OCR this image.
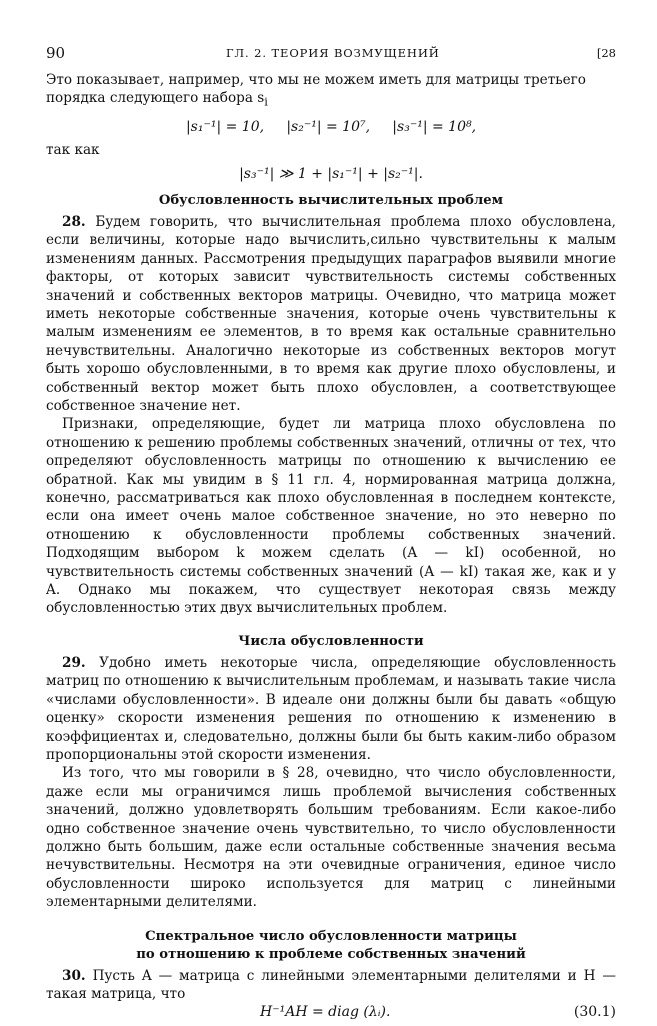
90	ГЛ. 2. ТЕОРИЯ ВОЗМУЩЕНИЙ	[28

Это показывает, например, что мы не можем иметь для матрицы третьего
порядка следующего набора $s_i$

|s₁⁻¹| = 10,     |s₂⁻¹| = 10⁷,     |s₃⁻¹| = 10⁸,

так как

|s₃⁻¹| ≫ 1 + |s₁⁻¹| + |s₂⁻¹|.
Обусловленность вычислительных проблем

28. Будем говорить, что вычислительная проблема плохо обусловлена, если величины, которые надо вычислить,сильно чувствительны к малым изменениям данных. Рассмотрения предыдущих параграфов выявили многие факторы, от которых зависит чувствительность системы собственных значений и собственных векторов матрицы. Очевидно, что матрица может иметь некоторые собственные значения, которые очень чувствительны к малым изменениям ее элементов, в то время как остальные сравнительно нечувствительны. Аналогично некоторые из собственных векторов могут быть хорошо обусловленными, в то время как другие плохо обусловлены, и собственный вектор может быть плохо обусловлен, а соответствующее собственное значение нет.

Признаки, определяющие, будет ли матрица плохо обусловлена по отношению к решению проблемы собственных значений, отличны от тех, что определяют обусловленность матрицы по отношению к вычислению ее обратной. Как мы увидим в § 11 гл. 4, нормированная матрица должна, конечно, рассматриваться как плохо обусловленная в последнем контексте, если она имеет очень малое собственное значение, но это неверно по отношению к обусловленности проблемы собственных значений. Подходящим выбором k можем сделать (A — kI) особенной, но чувствительность системы собственных значений (A — kI) такая же, как и у A. Однако мы покажем, что существует некоторая связь между обусловленностью этих двух вычислительных проблем.

Числа обусловленности

29. Удобно иметь некоторые числа, определяющие обусловленность матриц по отношению к вычислительным проблемам, и называть такие числа «числами обусловленности». В идеале они должны были бы давать «общую оценку» скорости изменения решения по отношению к изменению в коэффициентах и, следовательно, должны были бы быть каким-либо образом пропорциональны этой скорости изменения.

Из того, что мы говорили в § 28, очевидно, что число обусловленности, даже если мы ограничимся лишь проблемой вычисления собственных значений, должно удовлетворять большим требованиям. Если какое-либо одно собственное значение очень чувствительно, то число обусловленности должно быть большим, даже если остальные собственные значения весьма нечувствительны. Несмотря на эти очевидные ограничения, единое число обусловленности широко используется для матриц с линейными элементарными делителями.

Спектральное число обусловленности матрицы
по отношению к проблеме собственных значений

30. Пусть A — матрица с линейными элементарными делителями и H — такая матрица, что

H⁻¹AH = diag (λᵢ).	(30.1)
